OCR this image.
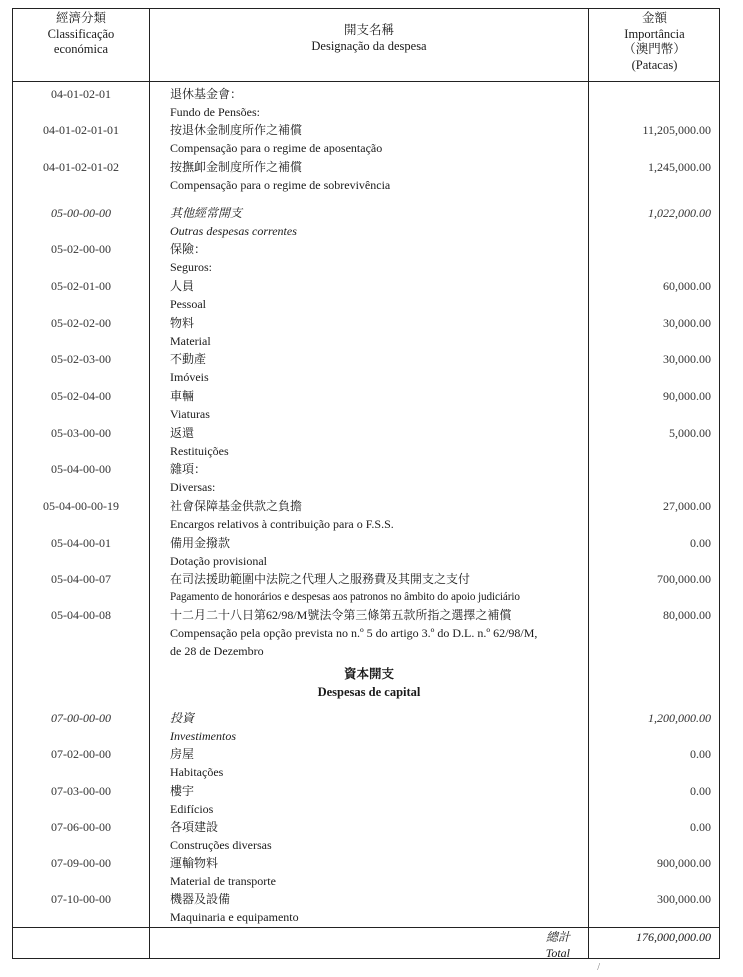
經濟分類
Classificação
económica
開支名稱
Designação da despesa
金額
Importância
（澳門幣）
(Patacas)
04-01-02-01	退休基金會：
Fundo de Pensões:
04-01-02-01-01	按退休金制度所作之補償
Compensação para o regime de aposentação
11,205,000.00
04-01-02-01-02	按撫卹金制度所作之補償
Compensação para o regime de sobrevivência
1,245,000.00
05-00-00-00	其他經常開支
Outras despesas correntes
1,022,000.00
05-02-00-00	保險：
Seguros:
05-02-01-00	人員
Pessoal
60,000.00
05-02-02-00	物料
Material
30,000.00
05-02-03-00	不動產
Imóveis
30,000.00
05-02-04-00	車輛
Viaturas
90,000.00
05-03-00-00	返還
Restituições
5,000.00
05-04-00-00	雜項：
Diversas:
05-04-00-00-19	社會保障基金供款之負擔
Encargos relativos à contribuição para o F.S.S.
27,000.00
05-04-00-01	備用金撥款
Dotação provisional
0.00
05-04-00-07	在司法援助範圍中法院之代理人之服務費及其開支之支付
Pagamento de honorários e despesas aos patronos no âmbito do apoio judiciário
700,000.00
05-04-00-08	十二月二十八日第62/98/M號法令第三條第五款所指之選擇之補償
Compensação pela opção prevista no n.º 5 do artigo 3.º do D.L. n.º 62/98/M,
de 28 de Dezembro
80,000.00
資本開支
Despesas de capital
07-00-00-00	投資
Investimentos
1,200,000.00
07-02-00-00	房屋
Habitações
0.00
07-03-00-00	樓宇
Edifícios
0.00
07-06-00-00	各項建設
Construções diversas
0.00
07-09-00-00	運輸物料
Material de transporte
900,000.00
07-10-00-00	機器及設備
Maquinaria e equipamento
300,000.00
總計
Total
176,000,000.00
/
